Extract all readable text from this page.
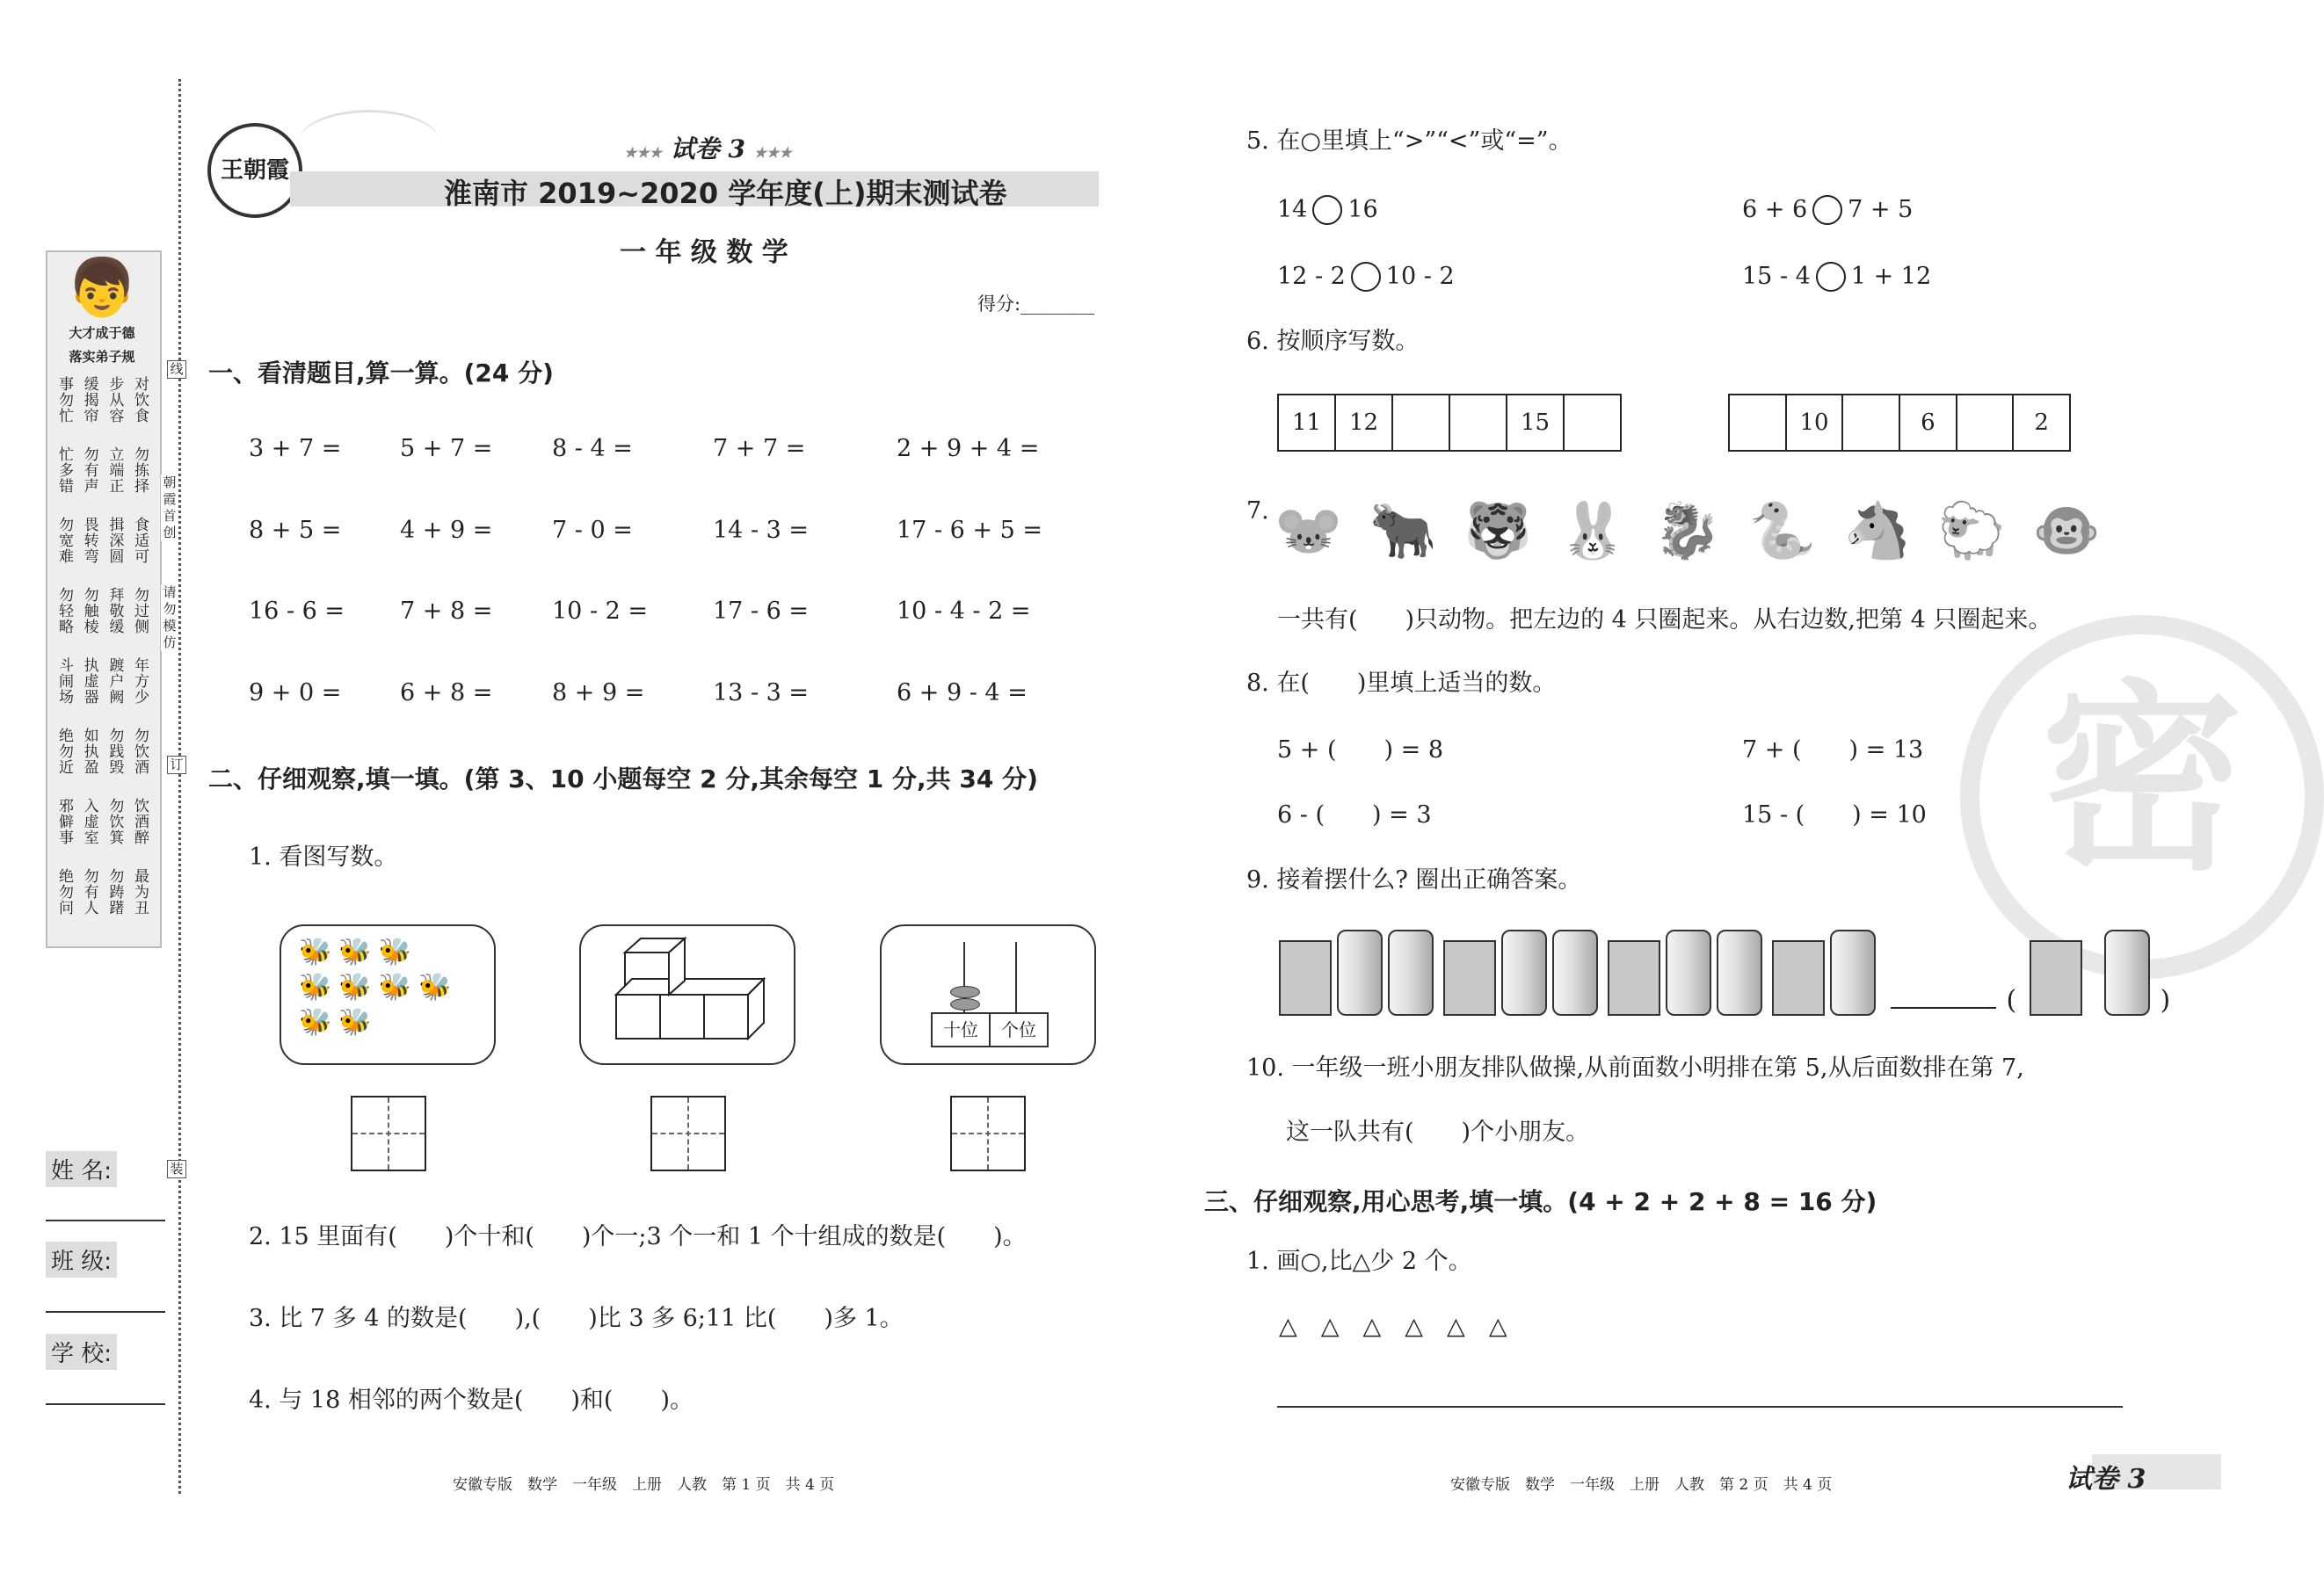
👦
大才成于德
落实弟子规
事勿忙 缓揭帘 步从容 对饮食
忙多错 勿有声 立端正 勿拣择
勿宽难 畏转弯 揖深圆 食适可
勿轻略 勿触棱 拜敬缓 勿过侧
斗闹场 执虚器 踱户阙 年方少
绝勿近 如执盈 勿践毁 勿饮酒
邪僻事 入虚室 勿饮箕 饮酒醉
绝勿问 勿有人 勿踌躇 最为丑
朝霞首创
请勿模仿
线
订
装
姓 名:
班 级:
学 校:
王朝霞
★★★ 试卷 3 ★★★
淮南市 2019~2020 学年度(上)期末测试卷
一 年 级 数 学
得分:________
一、看清题目,算一算。(24 分)
二、仔细观察,填一填。(第 3、10 小题每空 2 分,其余每空 1 分,共 34 分)
1. 看图写数。
🐝🐝🐝
🐝🐝🐝🐝
🐝🐝	十位	个位
2. 15 里面有(　　)个十和(　　)个一;3 个一和 1 个十组成的数是(　　)。
3. 比 7 多 4 的数是(　　),(　　)比 3 多 6;11 比(　　)多 1。
4. 与 18 相邻的两个数是(　　)和(　　)。
安徽专版　数学　一年级　上册　人教　第 1 页　共 4 页
密
5. 在○里填上“>”“<”或“=”。
6. 按顺序写数。
11	12	15	10	6	2
7. 🐭 🐂 🐯 🐰 🐉 🐍 🐴 🐑 🐵
一共有(　　)只动物。把左边的 4 只圈起来。从右边数,把第 4 只圈起来。
8. 在(　　)里填上适当的数。
9. 接着摆什么? 圈出正确答案。
(	)
10. 一年级一班小朋友排队做操,从前面数小明排在第 5,从后面数排在第 7,
这一队共有(　　)个小朋友。
三、仔细观察,用心思考,填一填。(4 + 2 + 2 + 8 = 16 分)
1. 画○,比△少 2 个。
△　△　△　△　△　△
安徽专版　数学　一年级　上册　人教　第 2 页　共 4 页	试卷 3
3 + 7 = 5 + 7 =	8 - 4 =	7 + 7 =	2 + 9 + 4 =
8 + 5 = 4 + 9 =	7 - 0 =	14 - 3 =	17 - 6 + 5 =
16 - 6 = 7 + 8 =	10 - 2 =	17 - 6 =	10 - 4 - 2 =
9 + 0 = 6 + 8 =	8 + 9 =	13 - 3 =	6 + 9 - 4 =
14 16	6 + 6 7 + 5
12 - 2 10 - 2	15 - 4 1 + 12
5 + (　　) = 8	7 + (　　) = 13
6 - (　　) = 3	15 - (　　) = 10
